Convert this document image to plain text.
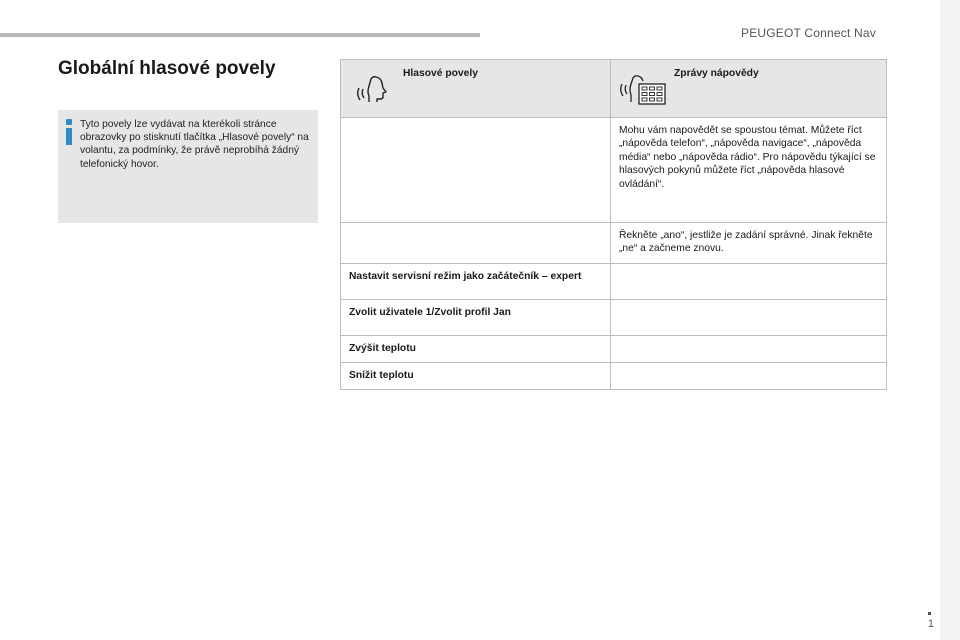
PEUGEOT Connect Nav
Globální hlasové povely
Tyto povely lze vydávat na kterékoli stránce obrazovky po stisknutí tlačítka „Hlasové povely“ na volantu, za podmínky, že právě neprobíhá žádný telefonický hovor.
Hlasové povely	Zprávy nápovědy

	Mohu vám napovědět se spoustou témat. Můžete říct „nápověda telefon“, „nápověda navigace“, „nápověda média“ nebo „nápověda rádio“. Pro nápovědu týkající se hlasových pokynů můžete říct „nápověda hlasové ovládání“.

	Řekněte „ano“, jestliže je zadání správné. Jinak řekněte „ne“ a začneme znovu.

Nastavit servisní režim jako začátečník – expert	

Zvolit uživatele 1/Zvolit profil Jan	

Zvýšit teplotu	

Snížit teplotu	

1
